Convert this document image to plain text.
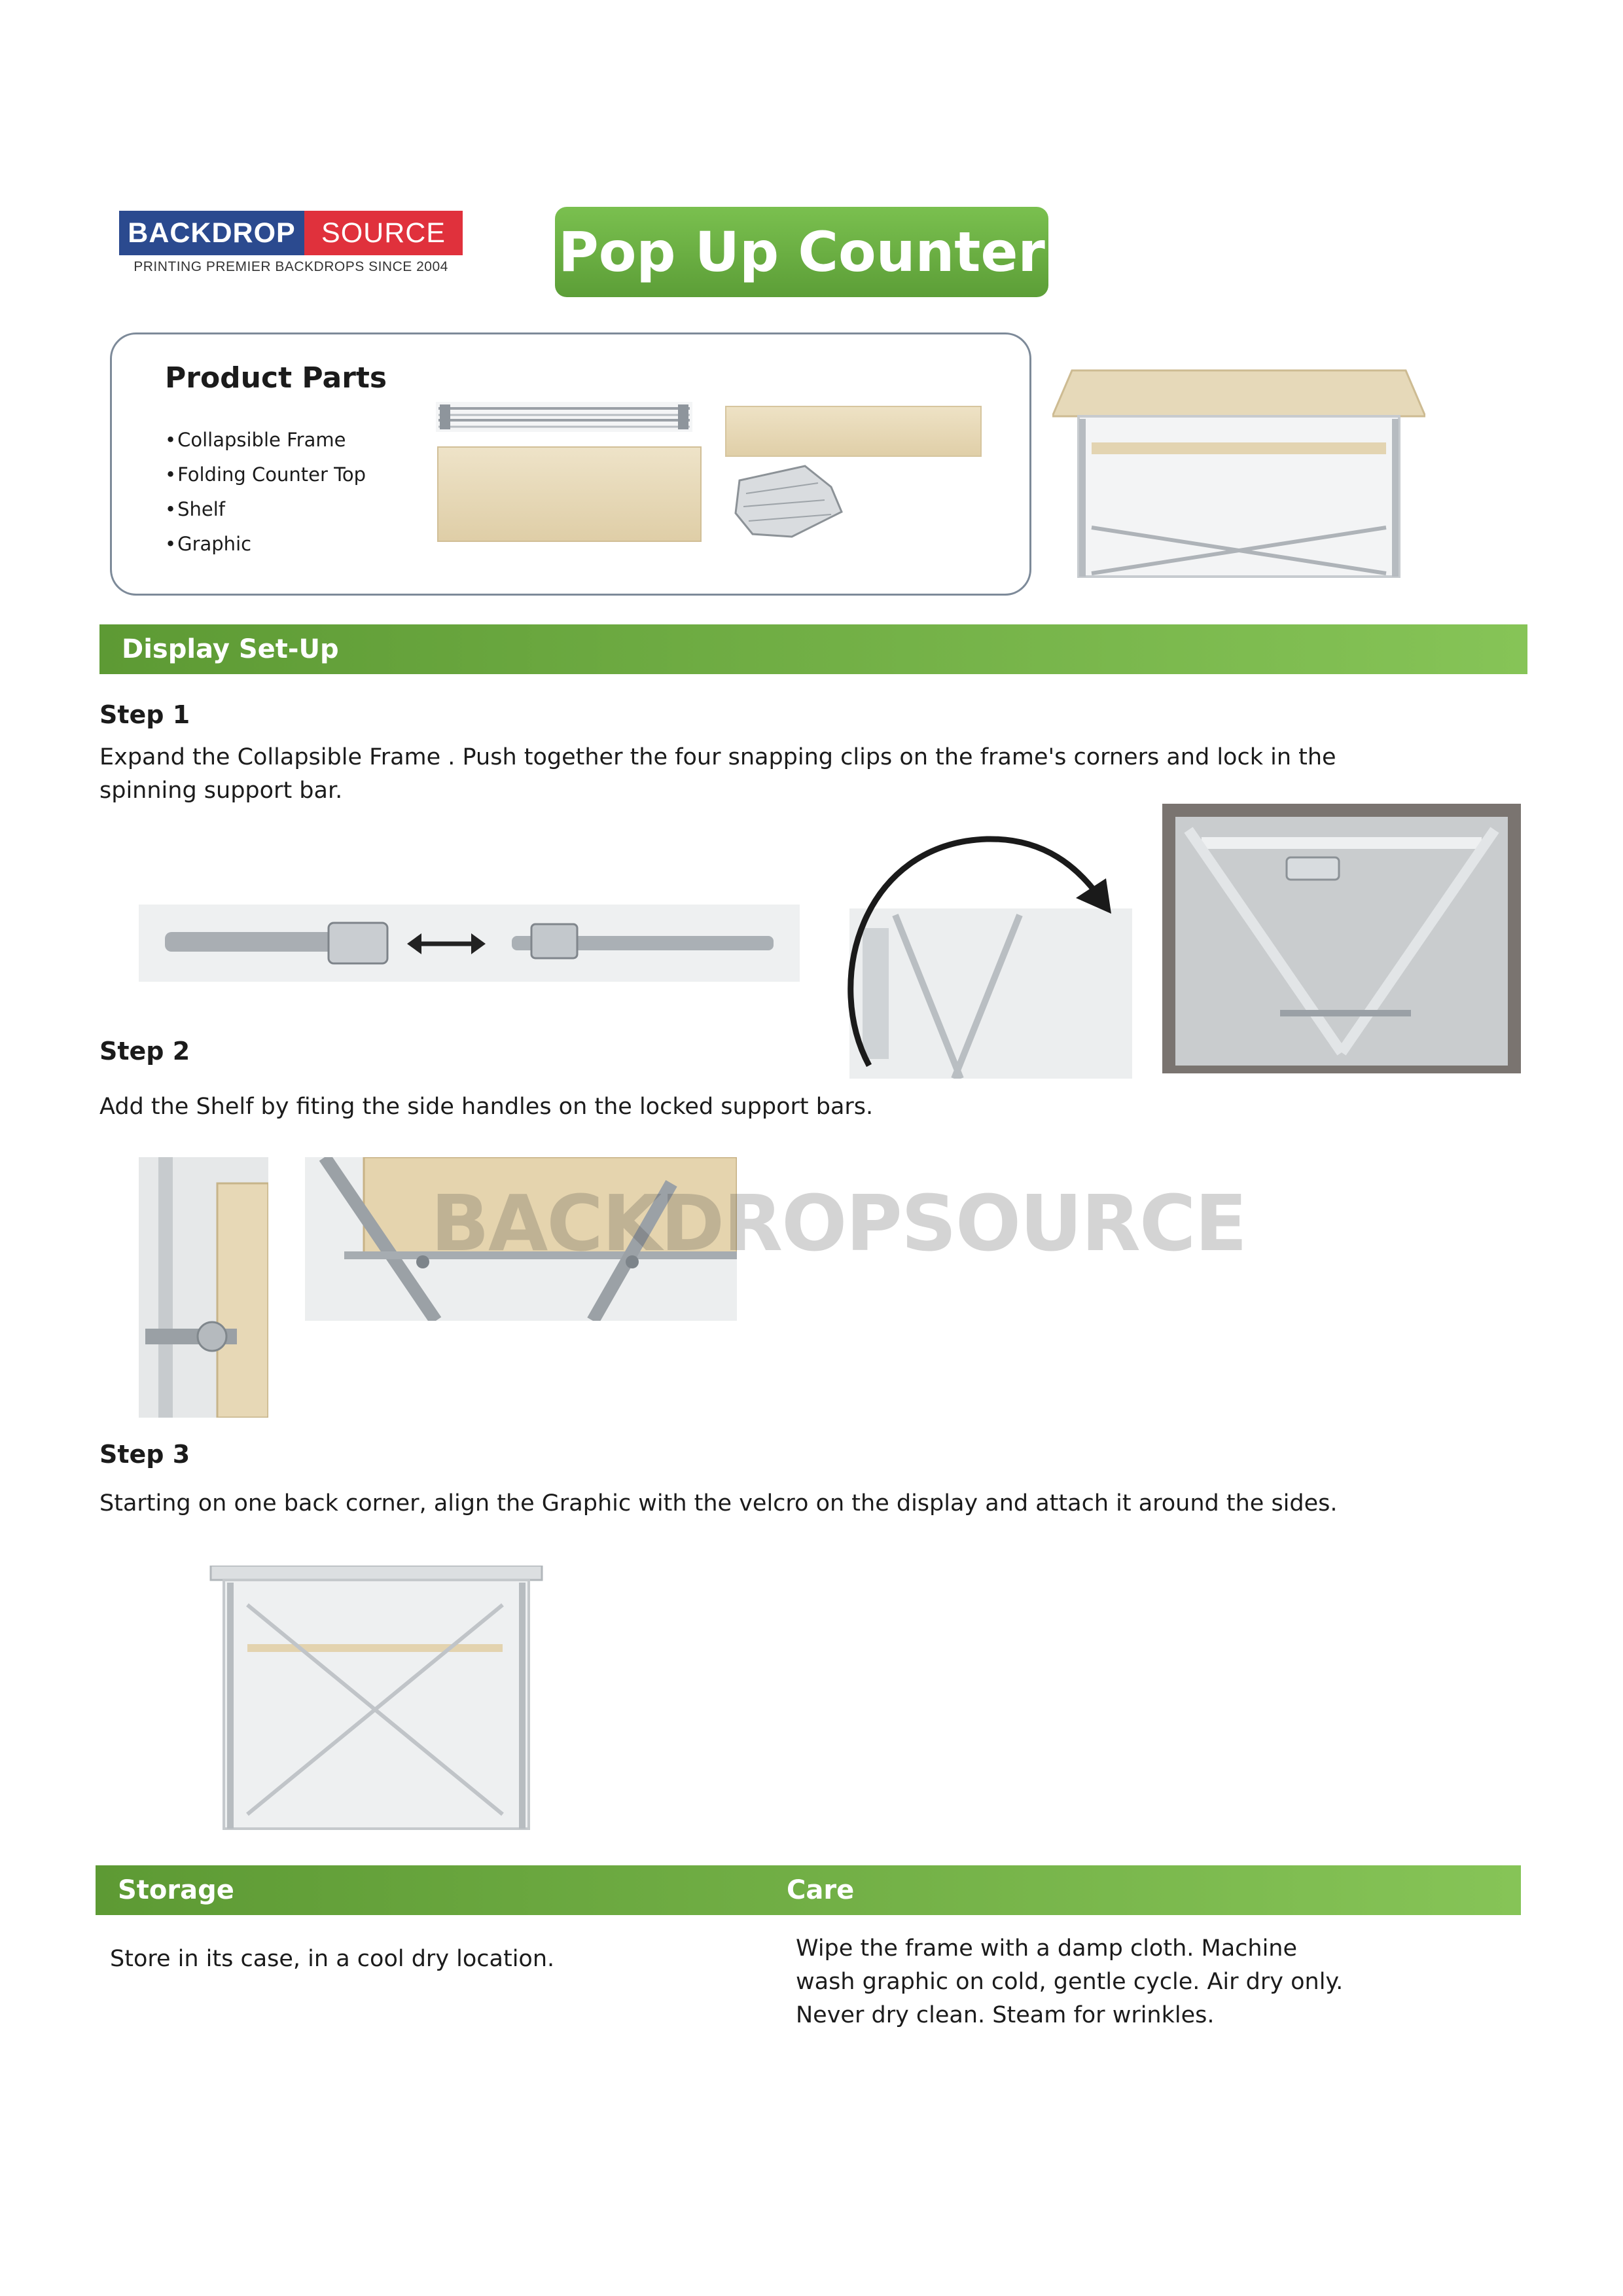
BACKDROP SOURCE
PRINTING PREMIER BACKDROPS SINCE 2004 Pop Up Counter
Product Parts
• Collapsible Frame
• Folding Counter Top
• Shelf
• Graphic
Display Set-Up
Step 1
Expand the Collapsible Frame . Push together the four snapping clips on the frame's corners and lock in the
spinning support bar.
Step 2
Add the Shelf by fiting the side handles on the locked support bars.
BACKDROPSOURCE
Step 3
Starting on one back corner, align the Graphic with the velcro on the display and attach it around the sides.
Storage	Care
Store in its case, in a cool dry location.	Wipe the frame with a damp cloth. Machine
wash graphic on cold, gentle cycle. Air dry only.
Never dry clean. Steam for wrinkles.
